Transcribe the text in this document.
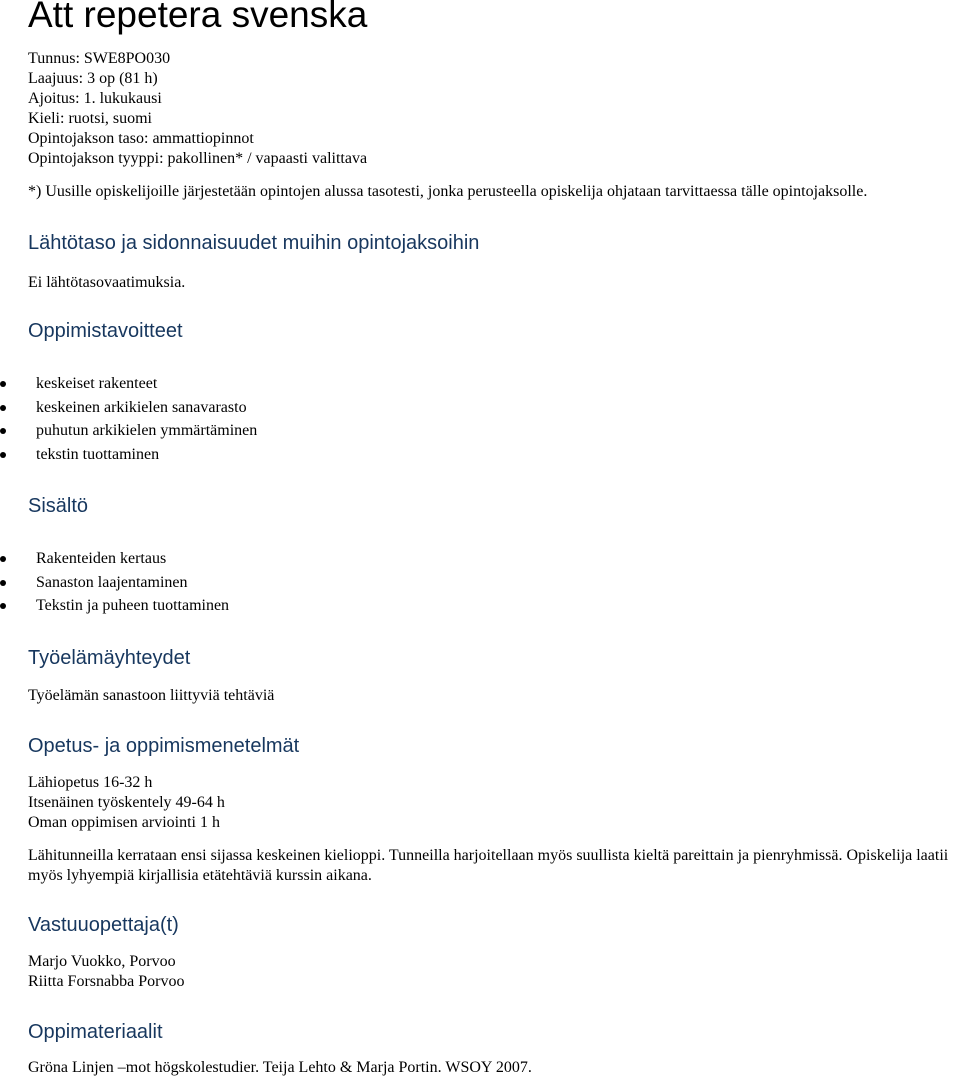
Att repetera svenska
Tunnus: SWE8PO030
Laajuus: 3 op (81 h)
Ajoitus: 1. lukukausi
Kieli: ruotsi, suomi
Opintojakson taso: ammattiopinnot
Opintojakson tyyppi: pakollinen* / vapaasti valittava
*) Uusille opiskelijoille järjestetään opintojen alussa tasotesti, jonka perusteella opiskelija ohjataan tarvittaessa tälle opintojaksolle.
Lähtötaso ja sidonnaisuudet muihin opintojaksoihin
Ei lähtötasovaatimuksia.
Oppimistavoitteet
keskeiset rakenteet
keskeinen arkikielen sanavarasto
puhutun arkikielen ymmärtäminen
tekstin tuottaminen
Sisältö
Rakenteiden kertaus
Sanaston laajentaminen
Tekstin ja puheen tuottaminen
Työelämäyhteydet
Työelämän sanastoon liittyviä tehtäviä
Opetus- ja oppimismenetelmät
Lähiopetus 16-32 h
Itsenäinen työskentely 49-64 h
Oman oppimisen arviointi 1 h
Lähitunneilla kerrataan ensi sijassa keskeinen kielioppi. Tunneilla harjoitellaan myös suullista kieltä pareittain ja pienryhmissä. Opiskelija laatii myös lyhyempiä kirjallisia etätehtäviä kurssin aikana.
Vastuuopettaja(t)
Marjo Vuokko, Porvoo
Riitta Forsnabba Porvoo
Oppimateriaalit
Gröna Linjen –mot högskolestudier. Teija Lehto & Marja Portin. WSOY 2007.
